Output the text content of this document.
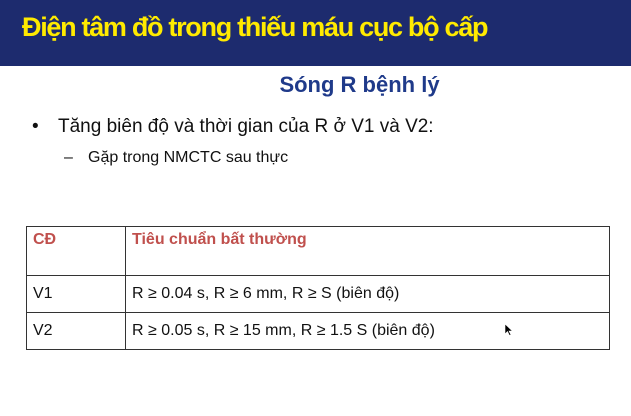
Điện tâm đồ trong thiếu máu cục bộ cấp
Sóng R bệnh lý
• Tăng biên độ và thời gian của R ở V1 và V2:
– Gặp trong NMCTC sau thực
CĐ	Tiêu chuẩn bất thường
V1	R ≥ 0.04 s, R ≥ 6 mm, R ≥ S (biên độ)
V2	R ≥ 0.05 s, R ≥ 15 mm, R ≥ 1.5 S (biên độ)
